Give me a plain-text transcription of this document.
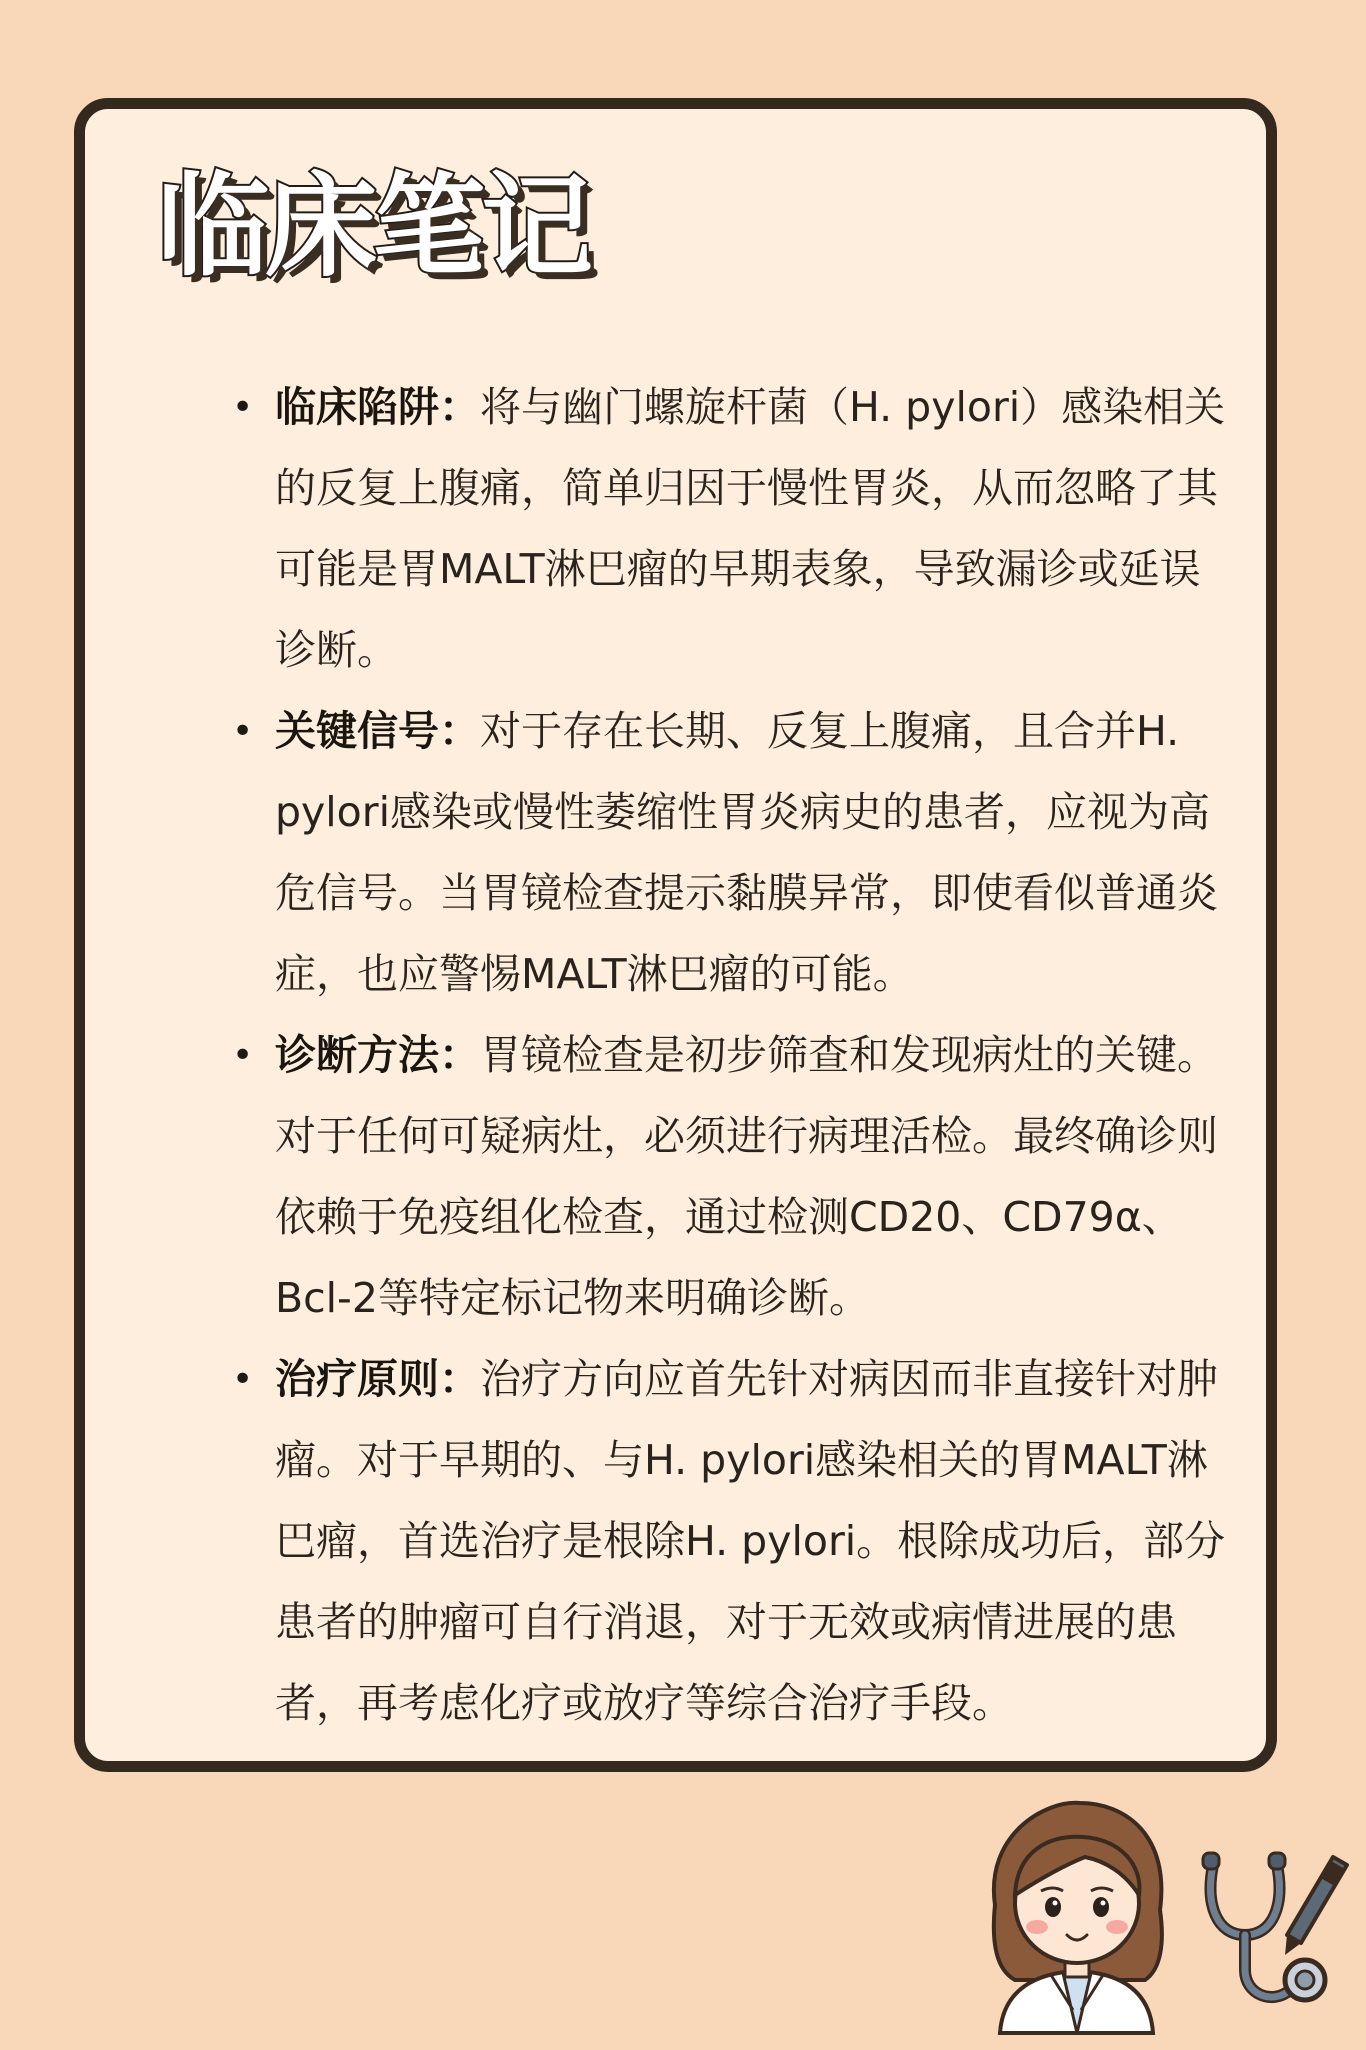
临床笔记
• 临床陷阱：将与幽门螺旋杆菌（H. pylori）感染相关的反复上腹痛，简单归因于慢性胃炎，从而忽略了其可能是胃MALT淋巴瘤的早期表象，导致漏诊或延误诊断。
• 关键信号：对于存在长期、反复上腹痛，且合并H. pylori感染或慢性萎缩性胃炎病史的患者，应视为高危信号。当胃镜检查提示黏膜异常，即使看似普通炎症，也应警惕MALT淋巴瘤的可能。
• 诊断方法：胃镜检查是初步筛查和发现病灶的关键。对于任何可疑病灶，必须进行病理活检。最终确诊则依赖于免疫组化检查，通过检测CD20、CD79α、Bcl-2等特定标记物来明确诊断。
• 治疗原则：治疗方向应首先针对病因而非直接针对肿瘤。对于早期的、与H. pylori感染相关的胃MALT淋巴瘤，首选治疗是根除H. pylori。根除成功后，部分患者的肿瘤可自行消退，对于无效或病情进展的患者，再考虑化疗或放疗等综合治疗手段。
